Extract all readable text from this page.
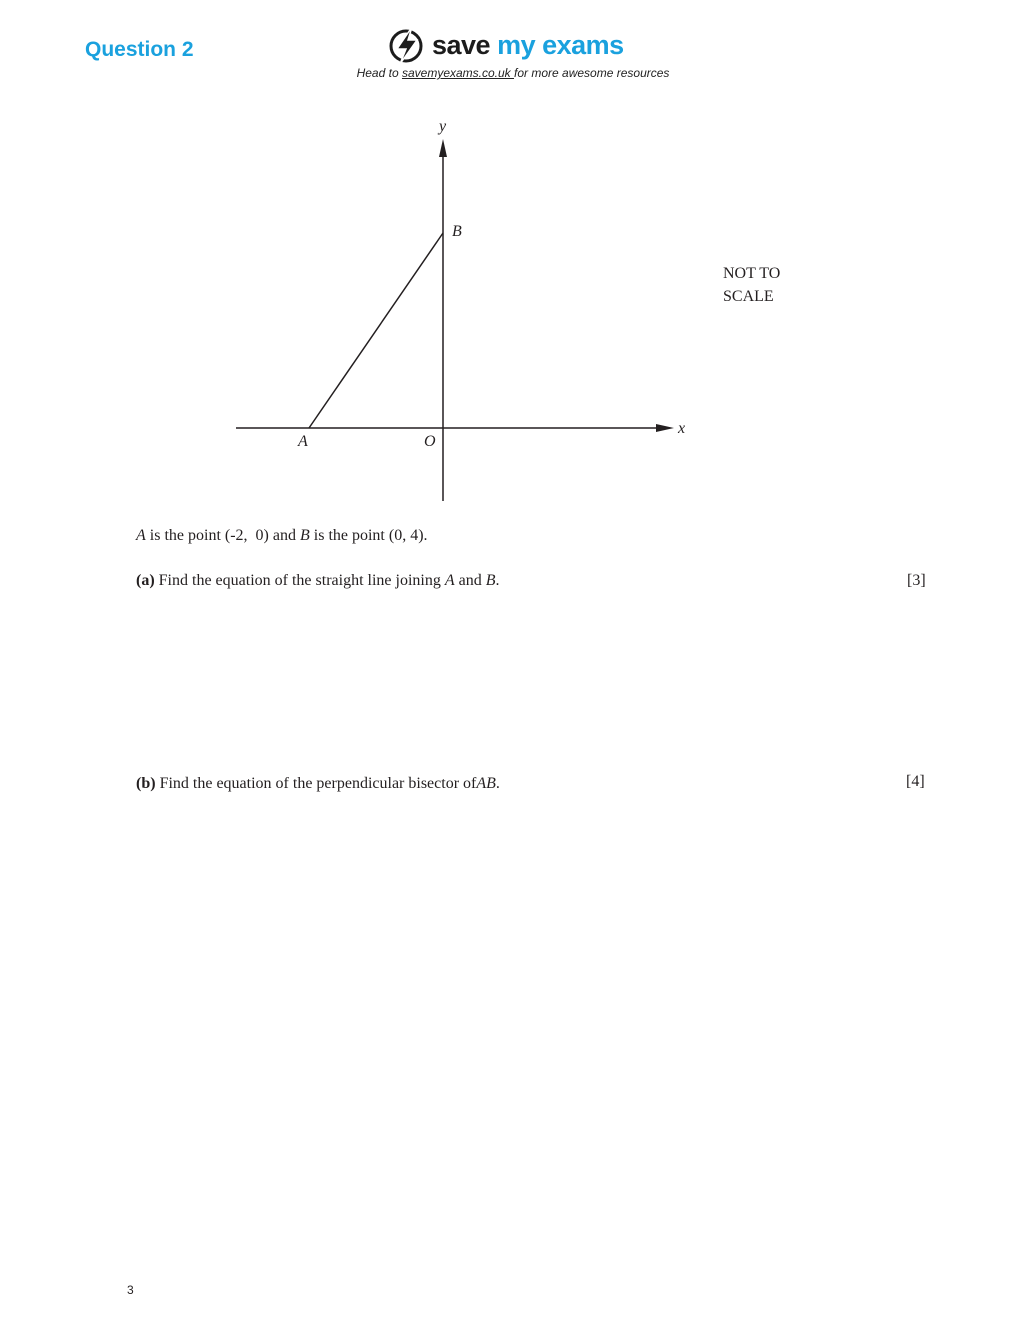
Question 2	save my exams
Head to savemyexams.co.uk for more awesome resources
x
y
B
A	O
NOT TO
SCALE
A is the point (-2,  0) and B is the point (0, 4).
(a) Find the equation of the straight line joining A and B.	[3]
(b) Find the equation of the perpendicular bisector ofAB.	[4]
3
